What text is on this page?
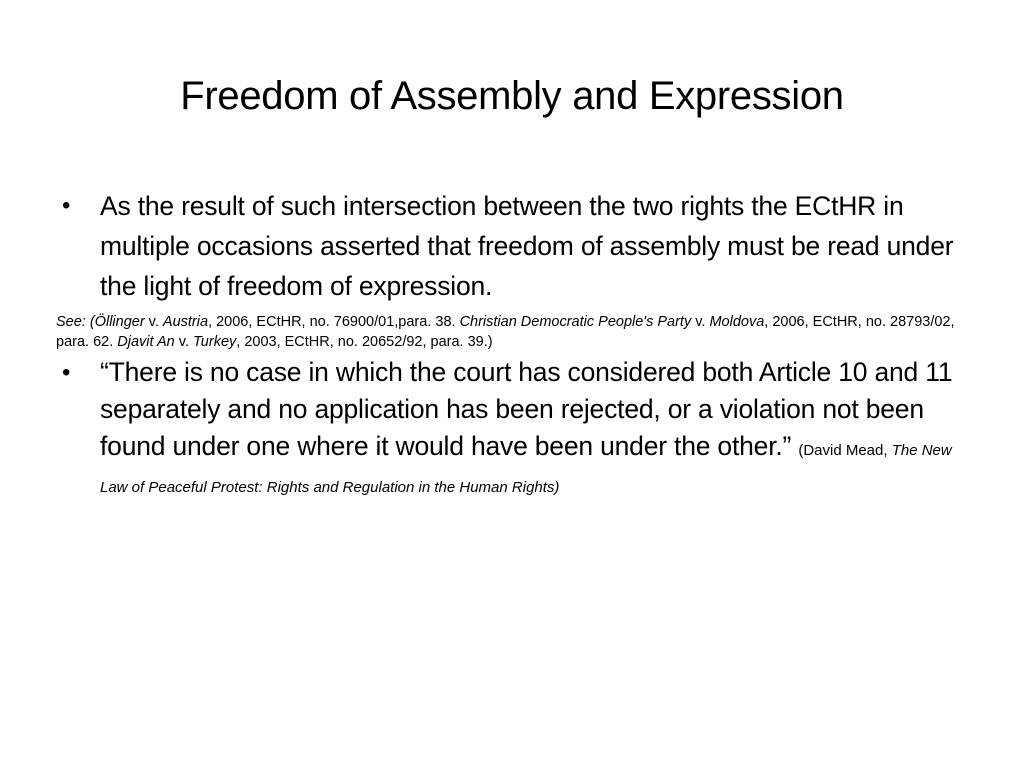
Freedom of Assembly and Expression
• As the result of such intersection between the two rights the ECtHR in multiple occasions asserted that freedom of assembly must be read under the light of freedom of expression.
See: (Öllinger v. Austria, 2006, ECtHR, no. 76900/01,para. 38. Christian Democratic People's Party v. Moldova, 2006, ECtHR, no. 28793/02, para. 62. Djavit An v. Turkey, 2003, ECtHR, no. 20652/92, para. 39.)
• “There is no case in which the court has considered both Article 10 and 11 separately and no application has been rejected, or a violation not been found under one where it would have been under the other.” (David Mead, The New Law of Peaceful Protest: Rights and Regulation in the Human Rights)
